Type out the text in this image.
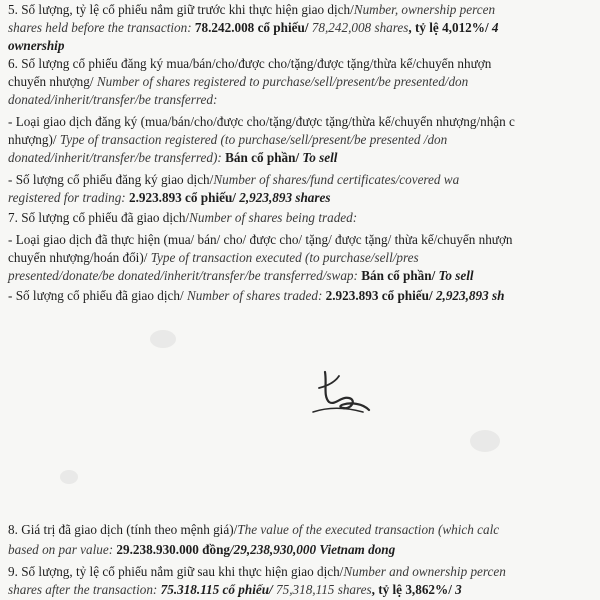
5. Số lượng, tỷ lệ cổ phiếu nắm giữ trước khi thực hiện giao dịch/Number, ownership percen
shares held before the transaction: 78.242.008 cổ phiếu/ 78,242,008 shares, tỷ lệ 4,012%/ 4
ownership
6. Số lượng cổ phiếu đăng ký mua/bán/cho/được cho/tặng/được tặng/thừa kế/chuyển nhượn
chuyển nhượng/ Number of shares registered to purchase/sell/present/be presented/don
donated/inherit/transfer/be transferred:
- Loại giao dịch đăng ký (mua/bán/cho/được cho/tặng/được tặng/thừa kế/chuyển nhượng/nhận c
nhượng)/ Type of transaction registered (to purchase/sell/present/be presented /don
donated/inherit/transfer/be transferred): Bán cổ phần/ To sell
- Số lượng cổ phiếu đăng ký giao dịch/Number of shares/fund certificates/covered wa
registered for trading: 2.923.893 cổ phiếu/ 2,923,893 shares
7. Số lượng cổ phiếu đã giao dịch/Number of shares being traded:
- Loại giao dịch đã thực hiện (mua/ bán/ cho/ được cho/ tặng/ được tặng/ thừa kế/chuyển nhượn
chuyển nhượng/hoán đổi)/ Type of transaction executed (to purchase/sell/pres
presented/donate/be donated/inherit/transfer/be transferred/swap: Bán cổ phần/ To sell
- Số lượng cổ phiếu đã giao dịch/ Number of shares traded: 2.923.893 cổ phiếu/ 2,923,893 sh
8. Giá trị đã giao dịch (tính theo mệnh giá)/The value of the executed transaction (which calc
based on par value: 29.238.930.000 đồng/29,238,930,000 Vietnam dong
9. Số lượng, tỷ lệ cổ phiếu nắm giữ sau khi thực hiện giao dịch/Number and ownership percen
shares after the transaction: 75.318.115 cổ phiếu/ 75,318,115 shares, tỷ lệ 3,862%/ 3
